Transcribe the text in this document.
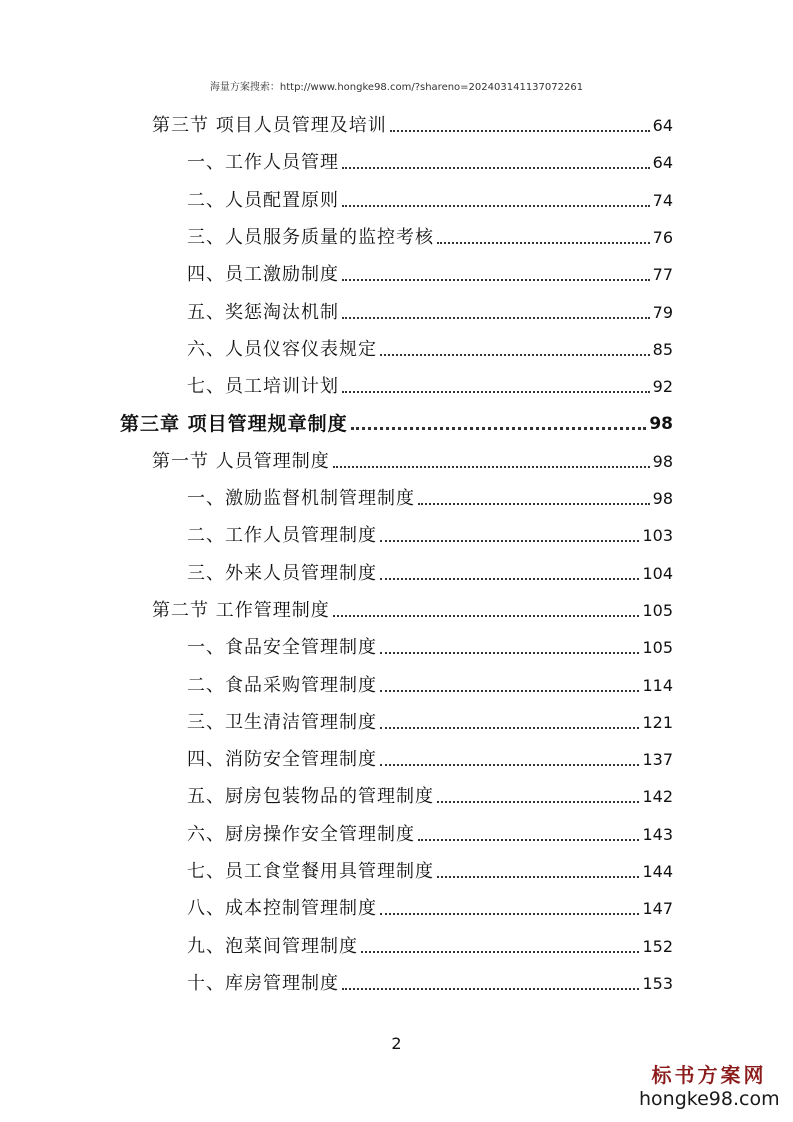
海量方案搜索：http://www.hongke98.com/?shareno=202403141137072261
第三节 项目人员管理及培训	64
一、工作人员管理	64
二、人员配置原则	74
三、人员服务质量的监控考核	76
四、员工激励制度	77
五、奖惩淘汰机制	79
六、人员仪容仪表规定	85
七、员工培训计划	92
第三章 项目管理规章制度	98
第一节 人员管理制度	98
一、激励监督机制管理制度	98
二、工作人员管理制度	103
三、外来人员管理制度	104
第二节 工作管理制度	105
一、食品安全管理制度	105
二、食品采购管理制度	114
三、卫生清洁管理制度	121
四、消防安全管理制度	137
五、厨房包装物品的管理制度	142
六、厨房操作安全管理制度	143
七、员工食堂餐用具管理制度	144
八、成本控制管理制度	147
九、泡菜间管理制度	152
十、库房管理制度	153
2
标书方案网
hongke98.com
